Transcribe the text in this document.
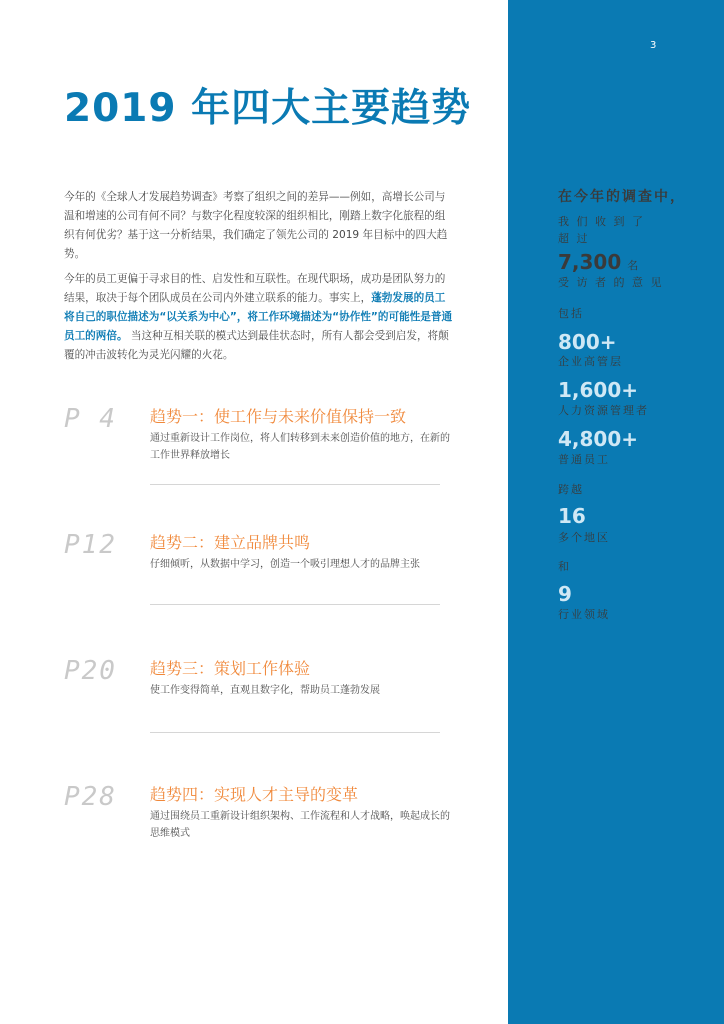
2019 年四大主要趋势

今年的《全球人才发展趋势调查》考察了组织之间的差异——例如，高增长公司与温和增速的公司有何不同？与数字化程度较深的组织相比，刚踏上数字化旅程的组织有何优劣？基于这一分析结果，我们确定了领先公司的 2019 年目标中的四大趋势。

今年的员工更偏于寻求目的性、启发性和互联性。在现代职场，成功是团队努力的结果，取决于每个团队成员在公司内外建立联系的能力。事实上，蓬勃发展的员工将自己的职位描述为“以关系为中心”，将工作环境描述为“协作性”的可能性是普通员工的两倍。 当这种互相关联的模式达到最佳状态时，所有人都会受到启发，将颠覆的冲击波转化为灵光闪耀的火花。

P 4 趋势一：使工作与未来价值保持一致
通过重新设计工作岗位，将人们转移到未来创造价值的地方，在新的工作世界释放增长
P12 趋势二：建立品牌共鸣
仔细倾听，从数据中学习，创造一个吸引理想人才的品牌主张
P20 趋势三：策划工作体验
使工作变得简单，直观且数字化，帮助员工蓬勃发展
P28 趋势四：实现人才主导的变革
通过围绕员工重新设计组织架构、工作流程和人才战略，唤起成长的思维模式
3
在今年的调查中，
我 们 收 到 了
超 过
7,300 名
受 访 者 的 意 见
包括
800+
企业高管层
1,600+
人力资源管理者
4,800+
普通员工
跨越
16
多个地区
和
9
行业领域
